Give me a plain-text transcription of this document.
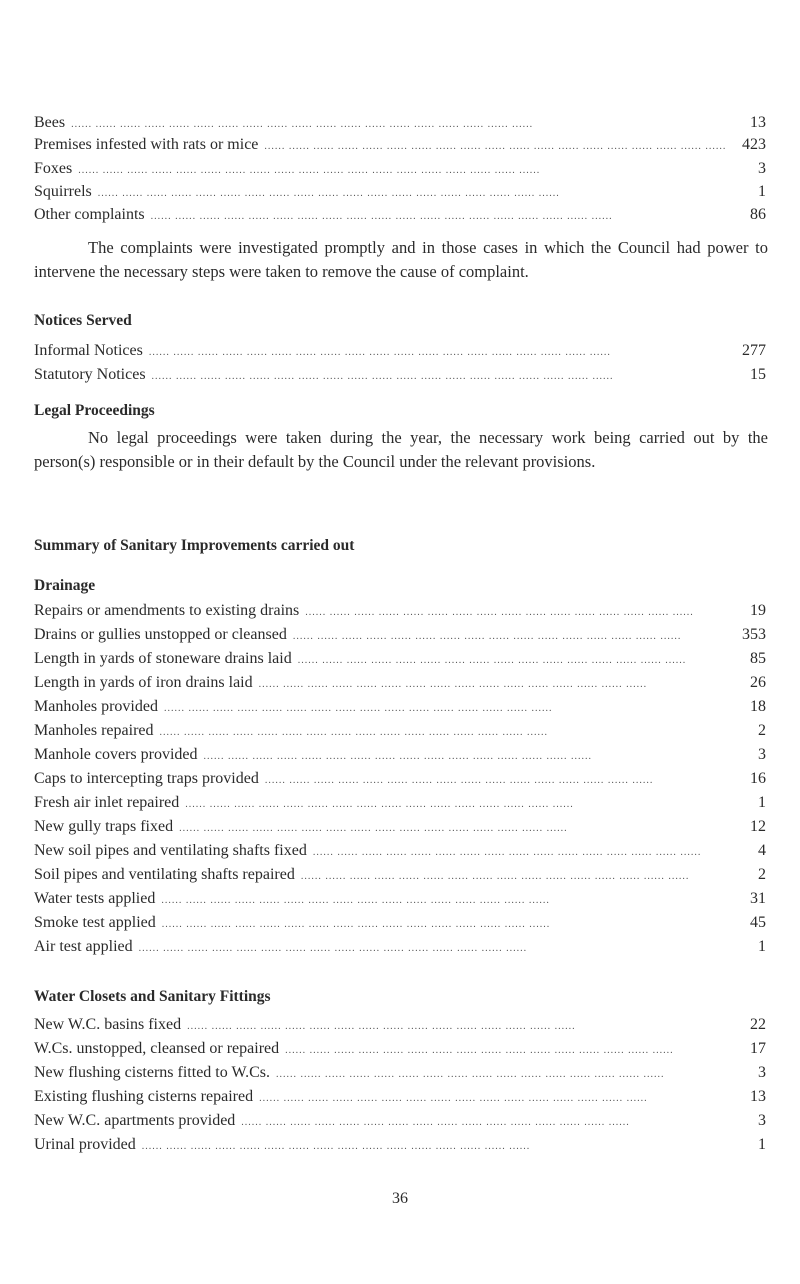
Bees ...... ...... ...... ...... ...... ...... ...... ...... ...... ...... ...... ...... ...... ...... ...... ...... ...... ...... ......	13
Premises infested with rats or mice ...... ...... ...... ...... ...... ...... ...... ...... ...... ...... ...... ...... ...... ...... ...... ...... ...... ...... ...... 423
Foxes ...... ...... ...... ...... ...... ...... ...... ...... ...... ...... ...... ...... ...... ...... ...... ...... ...... ...... ......	3
Squirrels ...... ...... ...... ...... ...... ...... ...... ...... ...... ...... ...... ...... ...... ...... ...... ...... ...... ...... ......	1
Other complaints ...... ...... ...... ...... ...... ...... ...... ...... ...... ...... ...... ...... ...... ...... ...... ...... ...... ...... ......	86

The complaints were investigated promptly and in those cases in which the Council had power to intervene the necessary steps were taken to remove the cause of complaint.

Notices Served
Informal Notices ...... ...... ...... ...... ...... ...... ...... ...... ...... ...... ...... ...... ...... ...... ...... ...... ...... ...... ......	277
Statutory Notices ...... ...... ...... ...... ...... ...... ...... ...... ...... ...... ...... ...... ...... ...... ...... ...... ...... ...... ......	15
Legal Proceedings

No legal proceedings were taken during the year, the necessary work being carried out by the person(s) responsible or in their default by the Council under the relevant provisions.

Summary of Sanitary Improvements carried out
Drainage
Repairs or amendments to existing drains ...... ...... ...... ...... ...... ...... ...... ...... ...... ...... ...... ...... ...... ...... ...... ......	19
Drains or gullies unstopped or cleansed ...... ...... ...... ...... ...... ...... ...... ...... ...... ...... ...... ...... ...... ...... ...... ......	353
Length in yards of stoneware drains laid ...... ...... ...... ...... ...... ...... ...... ...... ...... ...... ...... ...... ...... ...... ...... ......	85
Length in yards of iron drains laid ...... ...... ...... ...... ...... ...... ...... ...... ...... ...... ...... ...... ...... ...... ...... ......	26
Manholes provided ...... ...... ...... ...... ...... ...... ...... ...... ...... ...... ...... ...... ...... ...... ...... ......	18
Manholes repaired ...... ...... ...... ...... ...... ...... ...... ...... ...... ...... ...... ...... ...... ...... ...... ......	2
Manhole covers provided ...... ...... ...... ...... ...... ...... ...... ...... ...... ...... ...... ...... ...... ...... ...... ......	3
Caps to intercepting traps provided ...... ...... ...... ...... ...... ...... ...... ...... ...... ...... ...... ...... ...... ...... ...... ......	16
Fresh air inlet repaired ...... ...... ...... ...... ...... ...... ...... ...... ...... ...... ...... ...... ...... ...... ...... ......	1
New gully traps fixed ...... ...... ...... ...... ...... ...... ...... ...... ...... ...... ...... ...... ...... ...... ...... ......	12
New soil pipes and ventilating shafts fixed ...... ...... ...... ...... ...... ...... ...... ...... ...... ...... ...... ...... ...... ...... ...... ......	4
Soil pipes and ventilating shafts repaired ...... ...... ...... ...... ...... ...... ...... ...... ...... ...... ...... ...... ...... ...... ...... ......	2
Water tests applied ...... ...... ...... ...... ...... ...... ...... ...... ...... ...... ...... ...... ...... ...... ...... ......	31
Smoke test applied ...... ...... ...... ...... ...... ...... ...... ...... ...... ...... ...... ...... ...... ...... ...... ......	45
Air test applied ...... ...... ...... ...... ...... ...... ...... ...... ...... ...... ...... ...... ...... ...... ...... ......	1
Water Closets and Sanitary Fittings
New W.C. basins fixed ...... ...... ...... ...... ...... ...... ...... ...... ...... ...... ...... ...... ...... ...... ...... ......	22
W.Cs. unstopped, cleansed or repaired ...... ...... ...... ...... ...... ...... ...... ...... ...... ...... ...... ...... ...... ...... ...... ......	17
New flushing cisterns fitted to W.Cs. ...... ...... ...... ...... ...... ...... ...... ...... ...... ...... ...... ...... ...... ...... ...... ......	3
Existing flushing cisterns repaired ...... ...... ...... ...... ...... ...... ...... ...... ...... ...... ...... ...... ...... ...... ...... ......	13
New W.C. apartments provided ...... ...... ...... ...... ...... ...... ...... ...... ...... ...... ...... ...... ...... ...... ...... ......	3
Urinal provided ...... ...... ...... ...... ...... ...... ...... ...... ...... ...... ...... ...... ...... ...... ...... ......	1
36
